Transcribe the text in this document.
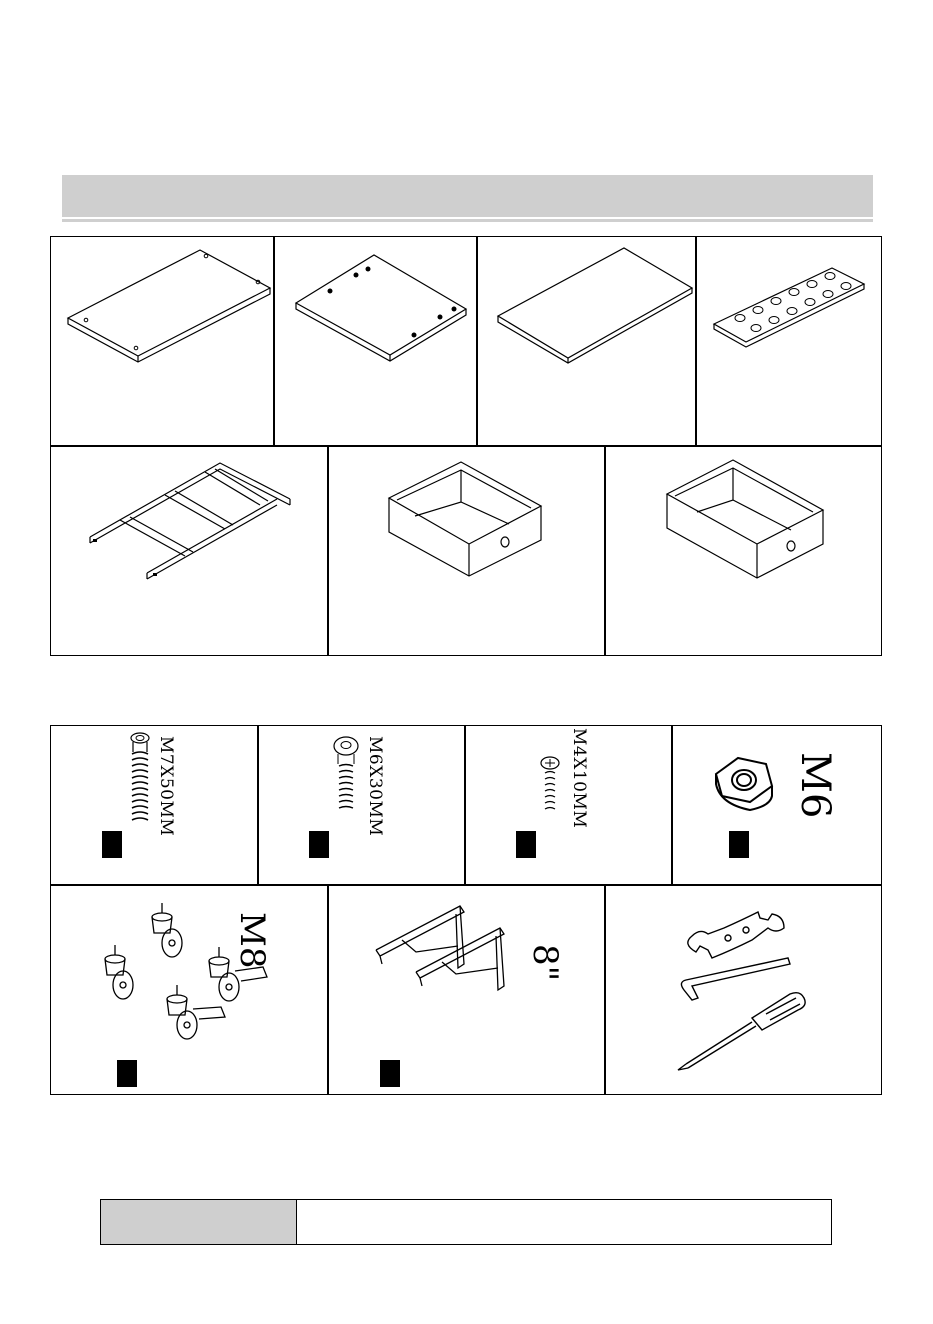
M7X50MM	M6X30MM	M4X10MM	M6
M8	8"
